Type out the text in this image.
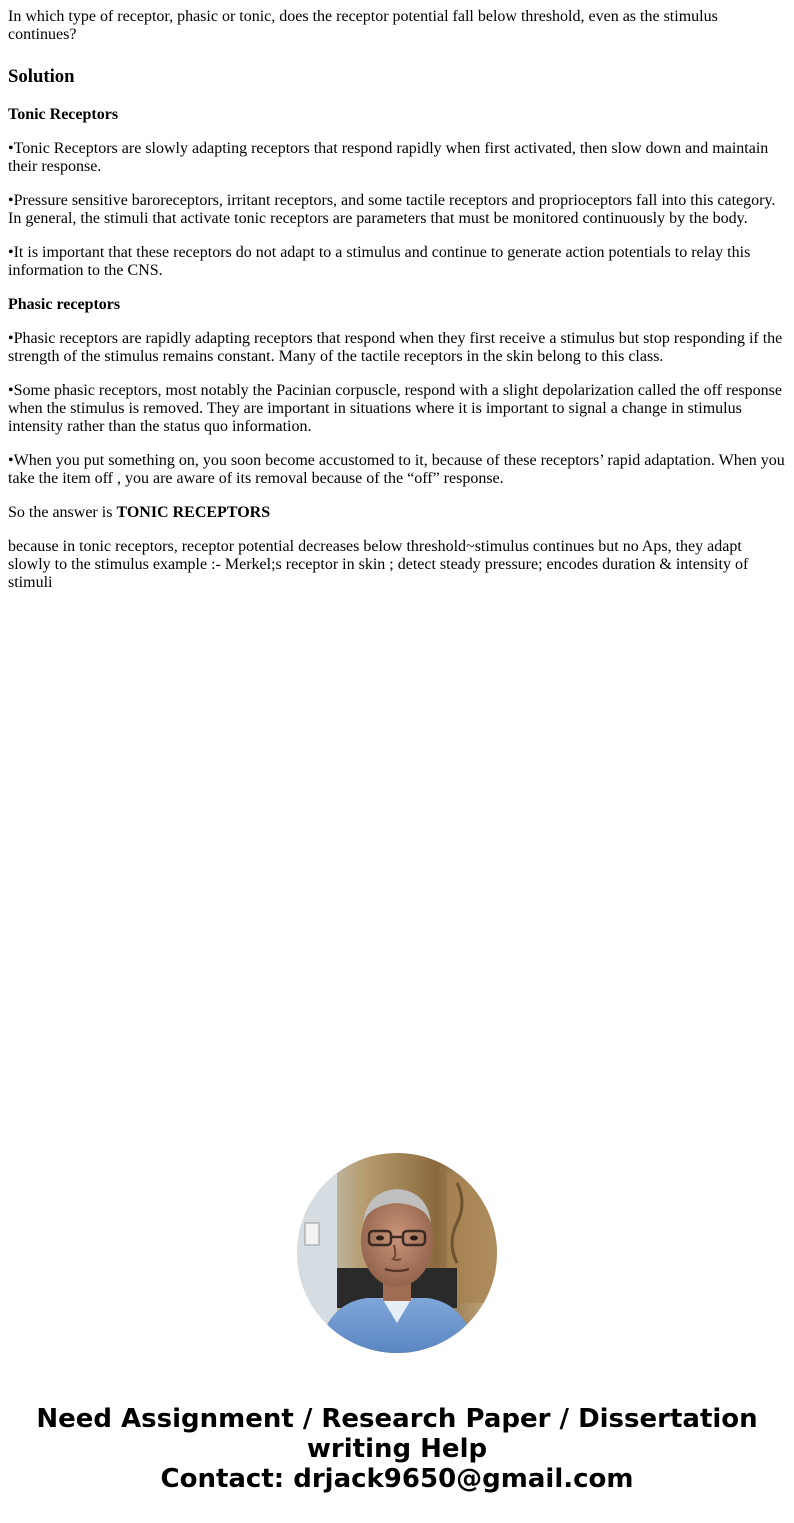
In which type of receptor, phasic or tonic, does the receptor potential fall below threshold, even as the stimulus continues?

Solution

Tonic Receptors

•Tonic Receptors are slowly adapting receptors that respond rapidly when first activated, then slow down and maintain their response.

•Pressure sensitive baroreceptors, irritant receptors, and some tactile receptors and proprioceptors fall into this category. In general, the stimuli that activate tonic receptors are parameters that must be monitored continuously by the body.

•It is important that these receptors do not adapt to a stimulus and continue to generate action potentials to relay this information to the CNS.

Phasic receptors

•Phasic receptors are rapidly adapting receptors that respond when they first receive a stimulus but stop responding if the strength of the stimulus remains constant. Many of the tactile receptors in the skin belong to this class.

•Some phasic receptors, most notably the Pacinian corpuscle, respond with a slight depolarization called the off response when the stimulus is removed. They are important in situations where it is important to signal a change in stimulus intensity rather than the status quo information.

•When you put something on, you soon become accustomed to it, because of these receptors’ rapid adaptation. When you take the item off , you are aware of its removal because of the “off” response.

So the answer is TONIC RECEPTORS

because in tonic receptors, receptor potential decreases below threshold~stimulus continues but no Aps, they adapt slowly to the stimulus example :- Merkel;s receptor in skin ; detect steady pressure; encodes duration & intensity of stimuli

Need Assignment / Research Paper / Dissertation
writing Help
Contact: drjack9650@gmail.com
